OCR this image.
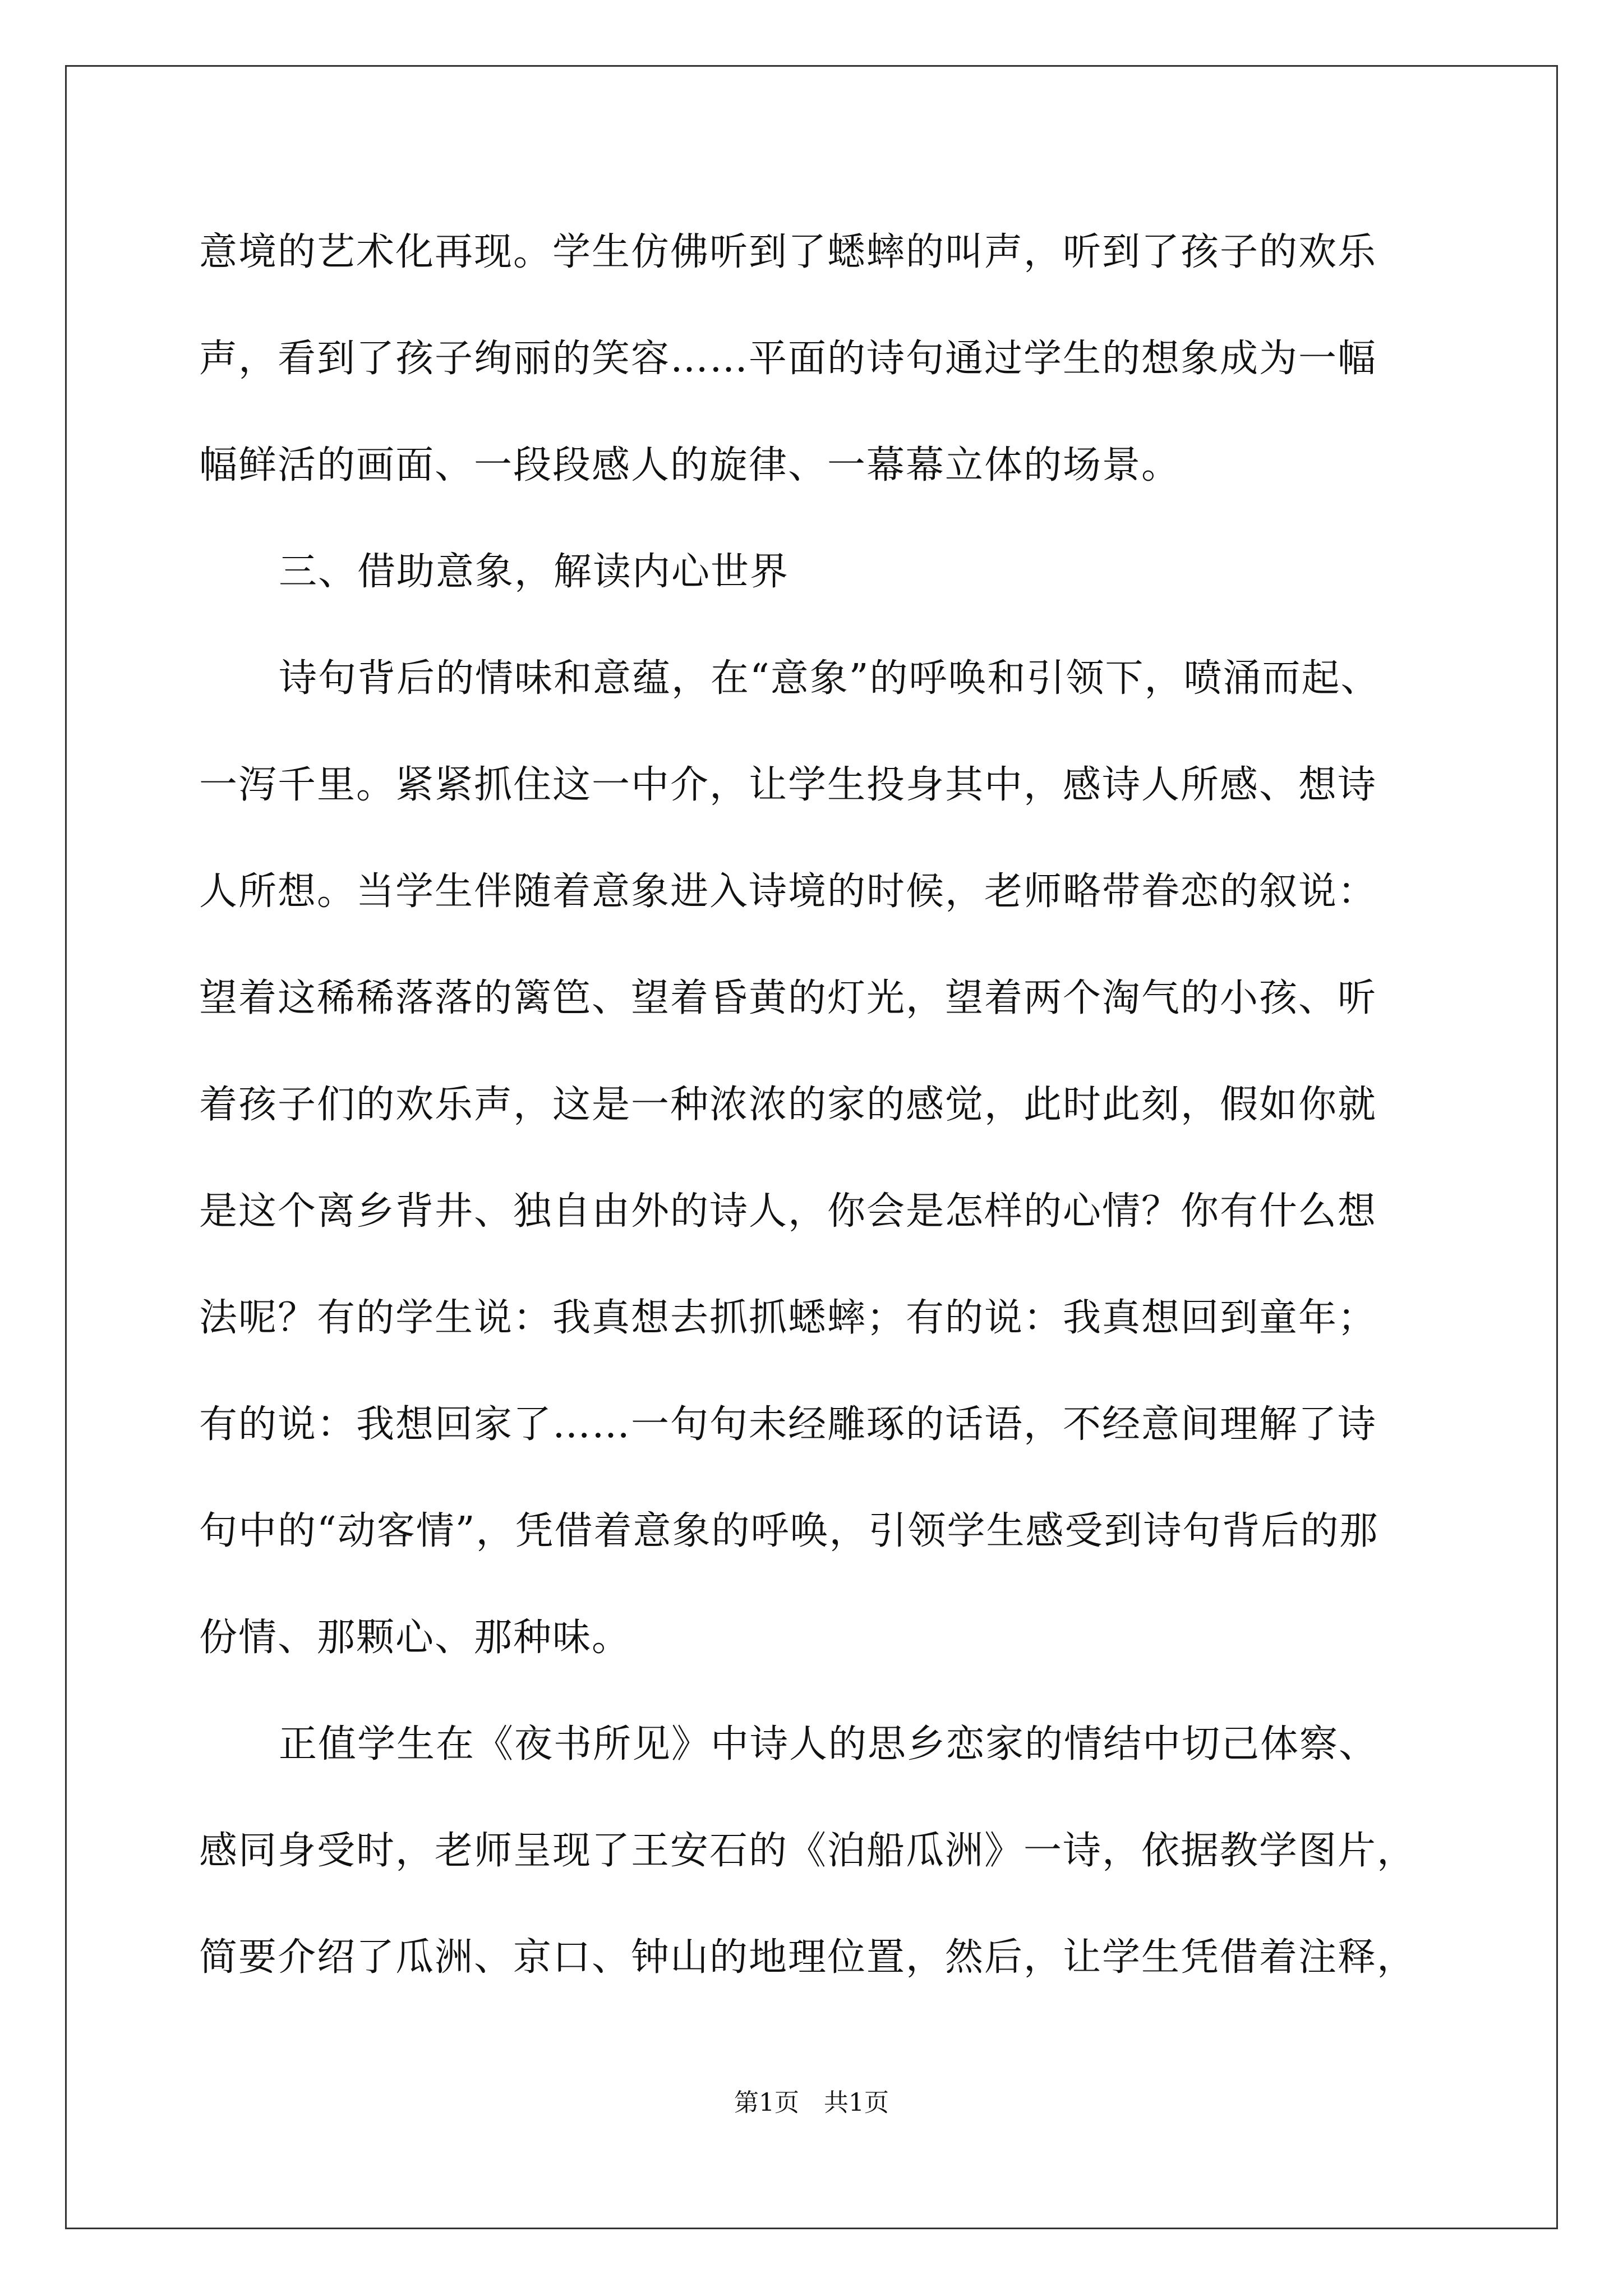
意境的艺术化再现。学生仿佛听到了蟋蟀的叫声，听到了孩子的欢乐
声，看到了孩子绚丽的笑容……平面的诗句通过学生的想象成为一幅
幅鲜活的画面、一段段感人的旋律、一幕幕立体的场景。
三、借助意象，解读内心世界
诗句背后的情味和意蕴，在“意象”的呼唤和引领下，喷涌而起、
一泻千里。紧紧抓住这一中介，让学生投身其中，感诗人所感、想诗
人所想。当学生伴随着意象进入诗境的时候，老师略带眷恋的叙说：
望着这稀稀落落的篱笆、望着昏黄的灯光，望着两个淘气的小孩、听
着孩子们的欢乐声，这是一种浓浓的家的感觉，此时此刻，假如你就
是这个离乡背井、独自由外的诗人，你会是怎样的心情？你有什么想
法呢？有的学生说：我真想去抓抓蟋蟀；有的说：我真想回到童年；
有的说：我想回家了……一句句未经雕琢的话语，不经意间理解了诗
句中的“动客情”，凭借着意象的呼唤，引领学生感受到诗句背后的那
份情、那颗心、那种味。
正值学生在《夜书所见》中诗人的思乡恋家的情结中切己体察、
感同身受时，老师呈现了王安石的《泊船瓜洲》一诗，依据教学图片，
简要介绍了瓜洲、京口、钟山的地理位置，然后，让学生凭借着注释，
第1页　共1页
